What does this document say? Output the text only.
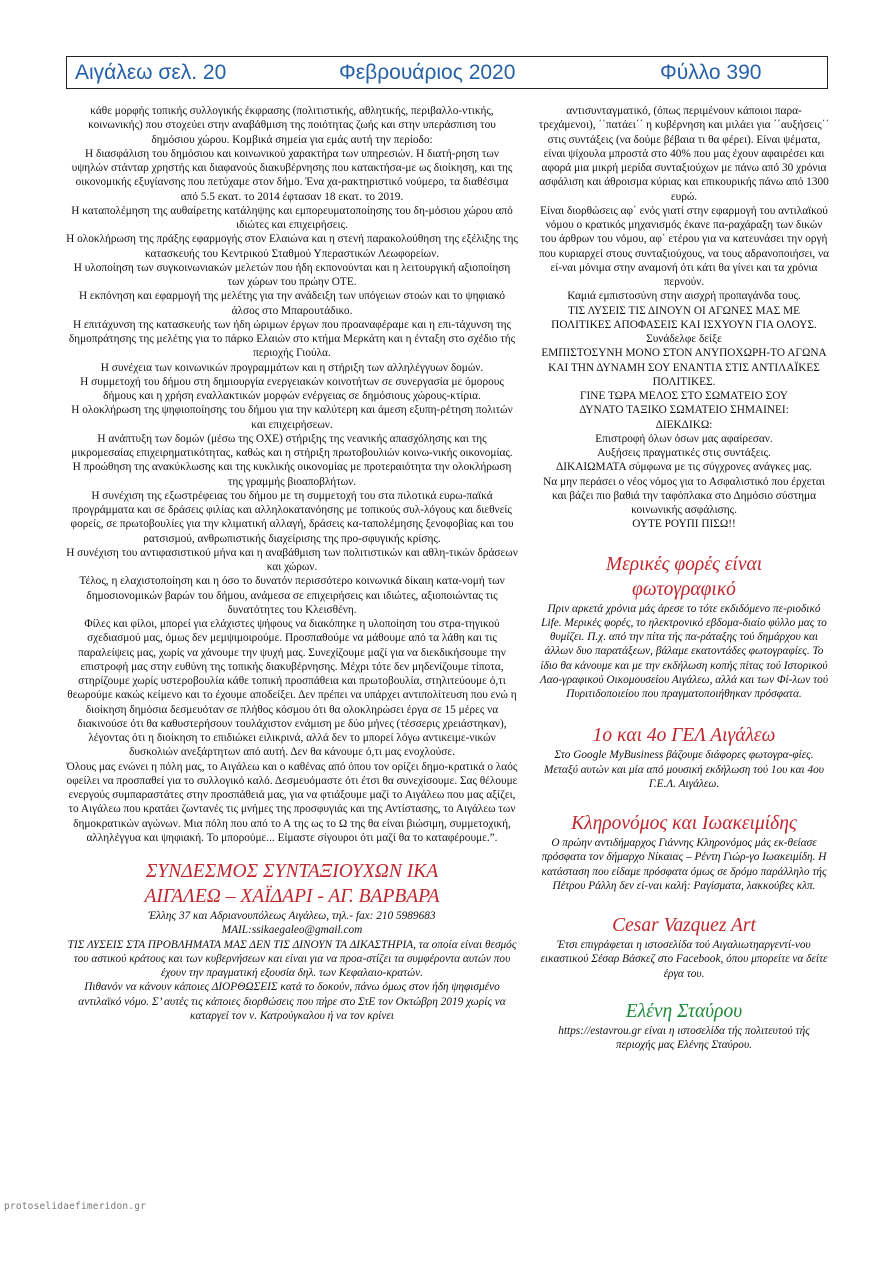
Αιγάλεω σελ. 20	Φεβρουάριος 2020	Φύλλο 390

κάθε μορφής τοπικής συλλογικής έκφρασης (πολιτιστικής, αθλητικής, περιβαλλο-ντικής, κοινωνικής) που στοχεύει στην αναβάθμιση της ποιότητας ζωής και στην υπεράσπιση του δημόσιου χώρου. Κομβικά σημεία για εμάς αυτή την περίοδο:

Η διασφάλιση του δημόσιου και κοινωνικού χαρακτήρα των υπηρεσιών. Η διατή-ρηση των υψηλών στάνταρ χρηστής και διαφανούς διακυβέρνησης που κατακτήσα-με ως διοίκηση, και της οικονομικής εξυγίανσης που πετύχαμε στον δήμο. Ένα χα-ρακτηριστικό νούμερο, τα διαθέσιμα από 5.5 εκατ. το 2014 έφτασαν 18 εκατ. το 2019.

Η καταπολέμηση της αυθαίρετης κατάληψης και εμπορευματοποίησης του δη-μόσιου χώρου από ιδιώτες και επιχειρήσεις.

Η ολοκλήρωση της πράξης εφαρμογής στον Ελαιώνα και η στενή παρακολούθηση της εξέλιξης της κατασκευής του Κεντρικού Σταθμού Υπεραστικών Λεωφορείων.

Η υλοποίηση των συγκοινωνιακών μελετών που ήδη εκπονούνται και η λειτουργική αξιοποίηση των χώρων του πρώην ΟΤΕ.

Η εκπόνηση και εφαρμογή της μελέτης για την ανάδειξη των υπόγειων στοών και το ψηφιακό άλσος στο Μπαρουτάδικο.

Η επιτάχυνση της κατασκευής των ήδη ώριμων έργων που προαναφέραμε και η επι-τάχυνση της δημοπράτησης της μελέτης για το πάρκο Ελαιών στο κτήμα Μερκάτη και η ένταξη στο σχέδιο τής περιοχής Γιούλα.

Η συνέχεια των κοινωνικών προγραμμάτων και η στήριξη των αλληλέγγυων δομών.

Η συμμετοχή του δήμου στη δημιουργία ενεργειακών κοινοτήτων σε συνεργασία με όμορους δήμους και η χρήση εναλλακτικών μορφών ενέργειας σε δημόσιους χώρους-κτίρια.

Η ολοκλήρωση της ψηφιοποίησης του δήμου για την καλύτερη και άμεση εξυπη-ρέτηση πολιτών και επιχειρήσεων.

Η ανάπτυξη των δομών (μέσω της ΟΧΕ) στήριξης της νεανικής απασχόλησης και της μικρομεσαίας επιχειρηματικότητας, καθώς και η στήριξη πρωτοβουλιών κοινω-νικής οικονομίας.

Η προώθηση της ανακύκλωσης και της κυκλικής οικονομίας με προτεραιότητα την ολοκλήρωση της γραμμής βιοαποβλήτων.

Η συνέχιση της εξωστρέφειας του δήμου με τη συμμετοχή του στα πιλοτικά ευρω-παϊκά προγράμματα και σε δράσεις φιλίας και αλληλοκατανόησης με τοπικούς συλ-λόγους και διεθνείς φορείς, σε πρωτοβουλίες για την κλιματική αλλαγή, δράσεις κα-ταπολέμησης ξενοφοβίας και του ρατσισμού, ανθρωπιστικής διαχείρισης της προ-σφυγικής κρίσης.

Η συνέχιση του αντιφασιστικού μήνα και η αναβάθμιση των πολιτιστικών και αθλη-τικών δράσεων και χώρων.

Τέλος, η ελαχιστοποίηση και η όσο το δυνατόν περισσότερο κοινωνικά δίκαιη κατα-νομή των δημοσιονομικών βαρών του δήμου, ανάμεσα σε επιχειρήσεις και ιδιώτες, αξιοποιώντας τις δυνατότητες του Κλεισθένη.

Φίλες και φίλοι, μπορεί για ελάχιστες ψήφους να διακόπηκε η υλοποίηση του στρα-τηγικού σχεδιασμού μας, όμως δεν μεμψιμοιρούμε. Προσπαθούμε να μάθουμε από τα λάθη και τις παραλείψεις μας, χωρίς να χάνουμε την ψυχή μας. Συνεχίζουμε μαζί για να διεκδικήσουμε την επιστροφή μας στην ευθύνη της τοπικής διακυβέρνησης. Μέχρι τότε δεν μηδενίζουμε τίποτα, στηρίζουμε χωρίς υστεροβουλία κάθε τοπική προσπάθεια και πρωτοβουλία, στηλιτεύουμε ό,τι θεωρούμε κακώς κείμενο και το έχουμε αποδείξει. Δεν πρέπει να υπάρχει αντιπολίτευση που ενώ η διοίκηση δημόσια δεσμευόταν σε πλήθος κόσμου ότι θα ολοκληρώσει έργα σε 15 μέρες να διακινούσε ότι θα καθυστερήσουν τουλάχιστον ενάμιση με δύο μήνες (τέσσερις χρειάστηκαν), λέγοντας ότι η διοίκηση το επιδιώκει ειλικρινά, αλλά δεν το μπορεί λόγω αντικειμε-νικών δυσκολιών ανεξάρτητων από αυτή. Δεν θα κάνουμε ό,τι μας ενοχλούσε.

Όλους μας ενώνει η πόλη μας, το Αιγάλεω και ο καθένας από όπου τον ορίζει δημο-κρατικά ο λαός οφείλει να προσπαθεί για το συλλογικό καλό. Δεσμευόμαστε ότι έτσι θα συνεχίσουμε. Σας θέλουμε ενεργούς συμπαραστάτες στην προσπάθειά μας, για να φτιάξουμε μαζί το Αιγάλεω που μας αξίζει, το Αιγάλεω που κρατάει ζωντανές τις μνήμες της προσφυγιάς και της Αντίστασης, το Αιγάλεω των δημοκρατικών αγώνων. Μια πόλη που από το Α της ως το Ω της θα είναι βιώσιμη, συμμετοχική, αλληλέγγυα και ψηφιακή. Το μπορούμε... Είμαστε σίγουροι ότι μαζί θα το καταφέρουμε.”.

ΣΥΝΔΕΣΜΟΣ ΣΥΝΤΑΞΙΟΥΧΩΝ ΙΚΑ

ΑΙΓΑΛΕΩ – ΧΑΪΔΑΡΙ - ΑΓ. ΒΑΡΒΑΡΑ

Έλλης 37 και Αδριανουπόλεως Αιγάλεω, τηλ.- fax: 210 5989683

MAIL:ssikaegaleo@gmail.com

ΤΙΣ ΛΥΣΕΙΣ ΣΤΑ ΠΡΟΒΛΗΜΑΤΑ ΜΑΣ ΔΕΝ ΤΙΣ ΔΙΝΟΥΝ ΤΑ ΔΙΚΑΣΤΗΡΙΑ, τα οποία είναι θεσμός του αστικού κράτους και των κυβερνήσεων και είναι για να προα-στίζει τα συμφέροντα αυτών που έχουν την πραγματική εξουσία δηλ. των Κεφαλαιο-κρατών.

Πιθανόν να κάνουν κάποιες ΔΙΟΡΘΩΣΕΙΣ κατά το δοκούν, πάνω όμως στον ήδη ψηφισμένο αντιλαϊκό νόμο. Σ’ αυτές τις κάποιες διορθώσεις που πήρε στο ΣτΕ τον Οκτώβρη 2019 χωρίς να καταργεί τον ν. Κατρούγκαλου ή να τον κρίνει

αντισυνταγματικό, (όπως περιμένουν κάποιοι παρα-τρεχάμενοι), ΄΄πατάει΄΄ η κυβέρνηση και μιλάει για ΄΄αυξήσεις΄΄ στις συντάξεις (να δούμε βέβαια τι θα φέρει). Είναι ψέματα, είναι ψίχουλα μπροστά στο 40% που μας έχουν αφαιρέσει και αφορά μια μικρή μερίδα συνταξιούχων με πάνω από 30 χρόνια ασφάλιση και άθροισμα κύριας και επικουρικής πάνω από 1300 ευρώ.

Είναι διορθώσεις αφ΄ ενός γιατί στην εφαρμογή του αντιλαϊκού νόμου ο κρατικός μηχανισμός έκανε πα-ραχάραξη των δικών του άρθρων του νόμου, αφ΄ ετέρου για να κατευνάσει την οργή που κυριαρχεί στους συνταξιούχους, να τους αδρανοποιήσει, να εί-ναι μόνιμα στην αναμονή ότι κάτι θα γίνει και τα χρόνια περνούν.

Καμιά εμπιστοσύνη στην αισχρή προπαγάνδα τους.

ΤΙΣ ΛΥΣΕΙΣ ΤΙΣ ΔΙΝΟΥΝ ΟΙ ΑΓΩΝΕΣ ΜΑΣ ΜΕ ΠΟΛΙΤΙΚΕΣ ΑΠΟΦΑΣΕΙΣ ΚΑΙ ΙΣΧΥΟΥΝ ΓΙΑ ΟΛΟΥΣ.

Συνάδελφε δείξε

ΕΜΠΙΣΤΟΣΥΝΗ ΜΟΝΟ ΣΤΟΝ ΑΝΥΠΟΧΩΡΗ-ΤΟ ΑΓΩΝΑ ΚΑΙ ΤΗΝ ΔΥΝΑΜΗ ΣΟΥ ΕΝΑΝΤΙΑ ΣΤΙΣ ΑΝΤΙΛΑΪΚΕΣ ΠΟΛΙΤΙΚΕΣ.

ΓΙΝΕ ΤΩΡΑ ΜΕΛΟΣ ΣΤΟ ΣΩΜΑΤΕΙΟ ΣΟΥ

ΔΥΝΑΤΟ ΤΑΞΙΚΟ ΣΩΜΑΤΕΙΟ ΣΗΜΑΙΝΕΙ:

ΔΙΕΚΔΙΚΩ:

Επιστροφή όλων όσων μας αφαίρεσαν.

Αυξήσεις πραγματικές στις συντάξεις.

ΔΙΚΑΙΩΜΑΤΑ σύμφωνα με τις σύγχρονες ανάγκες μας.

Να μην περάσει ο νέος νόμος για το Ασφαλιστικό που έρχεται και βάζει πιο βαθιά την ταφόπλακα στο Δημόσιο σύστημα κοινωνικής ασφάλισης.

ΟΥΤΕ ΡΟΥΠΙ ΠΙΣΩ!!

Μερικές φορές είναι

φωτογραφικό

Πριν αρκετά χρόνια μάς άρεσε το τότε εκδιδόμενο πε-ριοδικό Life. Μερικές φορές, το ηλεκτρονικό εβδομα-διαίο φύλλο μας το θυμίζει. Π.χ. από την πίτα τής πα-ράταξης τού δημάρχου και άλλων δυο παρατάξεων, βάλαμε εκατοντάδες φωτογραφίες. Το ίδιο θα κάνουμε και με την εκδήλωση κοπής πίτας τού Ιστορικού Λαο-γραφικού Οικομουσείου Αιγάλεω, αλλά και των Φί-λων τού Πυριτιδοποιείου που πραγματοποιήθηκαν πρόσφατα.

1ο και 4ο ΓΕΛ Αιγάλεω

Στο Google MyBusiness βάζουμε διάφορες φωτογρα-φίες. Μεταξύ αυτών και μία από μουσική εκδήλωση τού 1ου και 4ου Γ.Ε.Λ. Αιγάλεω.

Κληρονόμος και Ιωακειμίδης

Ο πρώην αντιδήμαρχος Γιάννης Κληρονόμος μάς εκ-θείασε πρόσφατα τον δήμαρχο Νίκαιας – Ρέντη Γιώρ-γο Ιωακειμίδη. Η κατάσταση που είδαμε πρόσφατα όμως σε δρόμο παράλληλο τής Πέτρου Ράλλη δεν εί-ναι καλή: Ραγίσματα, λακκούβες κλπ.

Cesar Vazquez Art

Έτσι επιγράφεται η ιστοσελίδα τού Αιγαλιωτηαργεντί-νου εικαστικού Σέσαρ Βάσκεζ στο Facebook, όπου μπορείτε να δείτε έργα του.

Ελένη Σταύρου

https://estavrou.gr είναι η ιστοσελίδα τής πολιτευτού τής περιοχής μας Ελένης Σταύρου.

protoselidaefimeridon.gr
